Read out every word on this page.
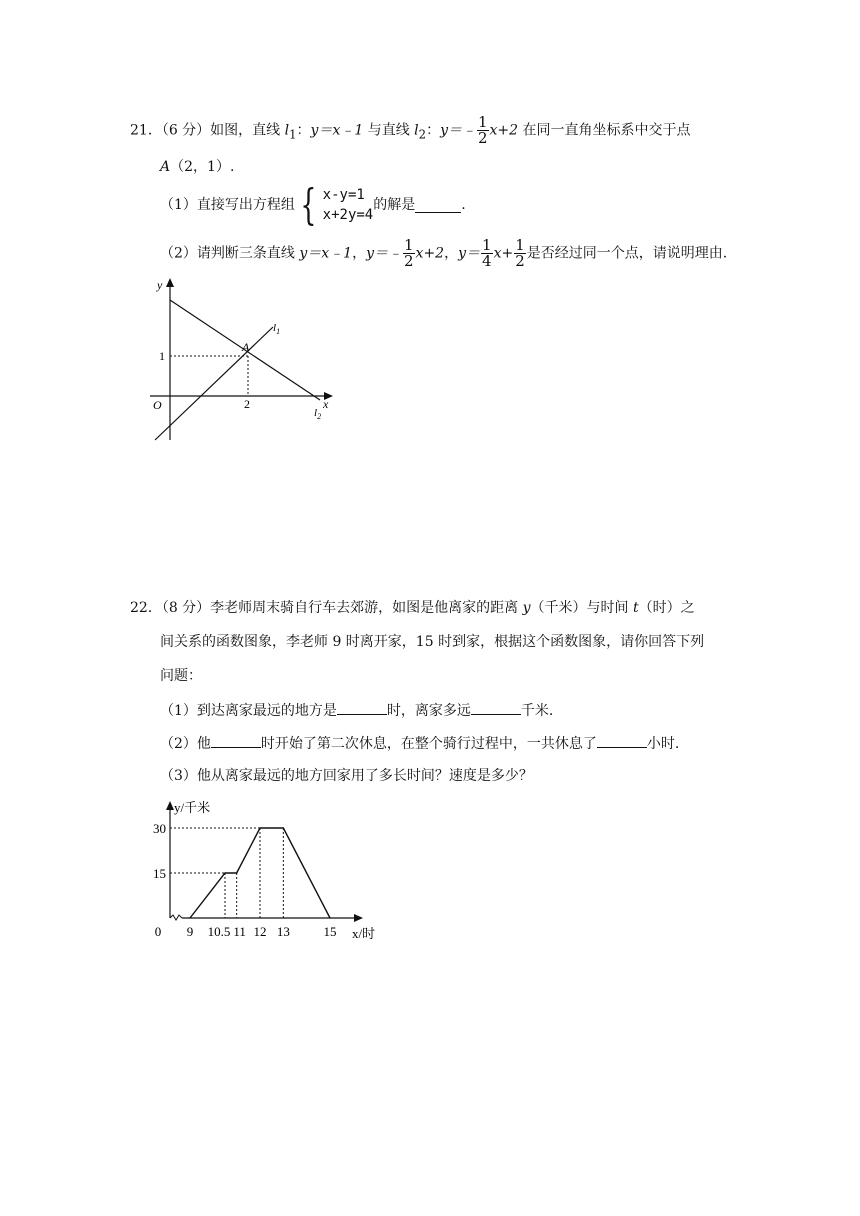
21．（6 分）如图，直线 $l_1$：y＝x﹣1 与直线 $l_2$：y＝﹣ $\frac{1}{2} x+2$ 在同一直角坐标系中交于点
A（2，1）.
（1）直接写出方程组 { x-y=1
x+2y=4
的解是	.
（2）请判断三条直线 y＝x﹣1，y＝﹣ $\frac{1}{2} x+2$，$y= \frac{1}{4} x+ \frac{1}{2}$ 是否经过同一个点，请说明理由.
y
x
O
1
2
A
$l_1$
$l_2$
22．（8 分）李老师周末骑自行车去郊游，如图是他离家的距离 y（千米）与时间 t（时）之
间关系的函数图象，李老师 9 时离开家，15 时到家，根据这个函数图象，请你回答下列
问题：
（1）到达离家最远的地方是	时，离家多远	千米.
（2）他	时开始了第二次休息，在整个骑行过程中，一共休息了	小时.
（3）他从离家最远的地方回家用了多长时间？速度是多少？
0 9 10.5 11 12 13	15
15
30
y/千米
x/时
